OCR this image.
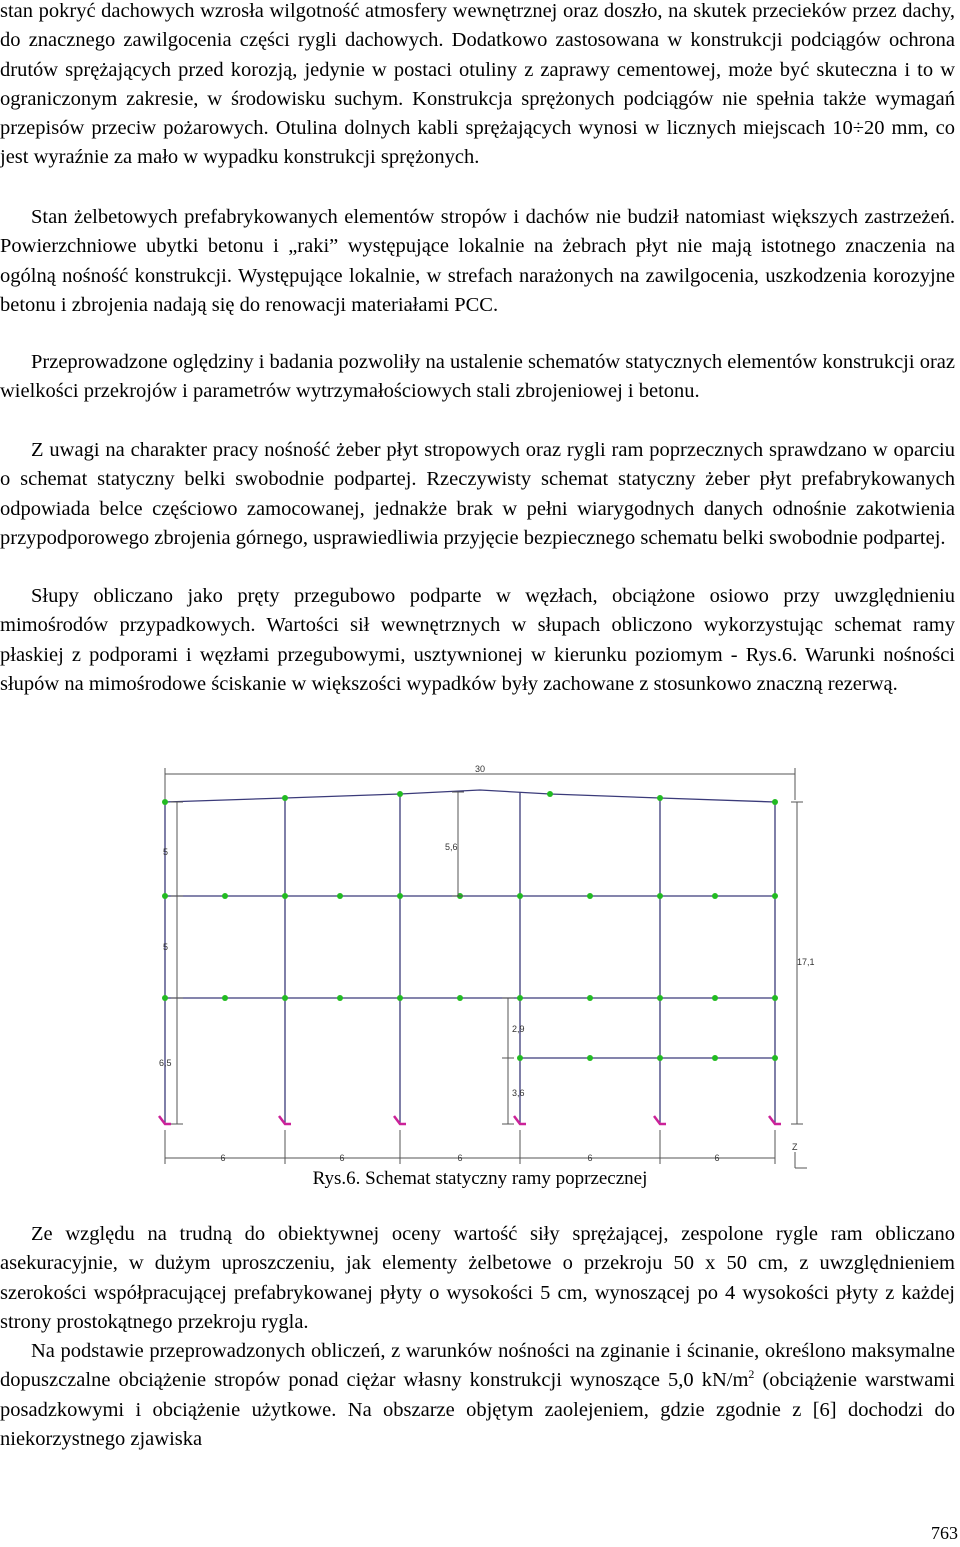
stan pokryć dachowych wzrosła wilgotność atmosfery wewnętrznej oraz doszło, na skutek przecieków przez dachy, do znacznego zawilgocenia części rygli dachowych. Dodatkowo zastosowana w konstrukcji podciągów ochrona drutów sprężających przed korozją, jedynie w postaci otuliny z zaprawy cementowej, może być skuteczna i to w ograniczonym zakresie, w środowisku suchym. Konstrukcja sprężonych podciągów nie spełnia także wymagań przepisów przeciw pożarowych. Otulina dolnych kabli sprężających wynosi w licznych miejscach 10÷20 mm, co jest wyraźnie za mało w wypadku konstrukcji sprężonych.

Stan żelbetowych prefabrykowanych elementów stropów i dachów nie budził natomiast większych zastrzeżeń. Powierzchniowe ubytki betonu i „raki” występujące lokalnie na żebrach płyt nie mają istotnego znaczenia na ogólną nośność konstrukcji. Występujące lokalnie, w strefach narażonych na zawilgocenia, uszkodzenia korozyjne betonu i zbrojenia nadają się do renowacji materiałami PCC.

Przeprowadzone oględziny i badania pozwoliły na ustalenie schematów statycznych elementów konstrukcji oraz wielkości przekrojów i parametrów wytrzymałościowych stali zbrojeniowej i betonu.

Z uwagi na charakter pracy nośność żeber płyt stropowych oraz rygli ram poprzecznych sprawdzano w oparciu o schemat statyczny belki swobodnie podpartej. Rzeczywisty schemat statyczny żeber płyt prefabrykowanych odpowiada belce częściowo zamocowanej, jednakże brak w pełni wiarygodnych danych odnośnie zakotwienia przypodporowego zbrojenia górnego, usprawiedliwia przyjęcie bezpiecznego schematu belki swobodnie podpartej.

Słupy obliczano jako pręty przegubowo podparte w węzłach, obciążone osiowo przy uwzględnieniu mimośrodów przypadkowych. Wartości sił wewnętrznych w słupach obliczono wykorzystując schemat ramy płaskiej z podporami i węzłami przegubowymi, usztywnionej w kierunku poziomym - Rys.6. Warunki nośności słupów na mimośrodowe ściskanie w większości wypadków były zachowane z stosunkowo znaczną rezerwą.

30
5
5
6,5
5,6
2,9
3,6
17,1
6	6	6	6	6
Z
Rys.6. Schemat statyczny ramy poprzecznej

Ze względu na trudną do obiektywnej oceny wartość siły sprężającej, zespolone rygle ram obliczano asekuracyjnie, w dużym uproszczeniu, jak elementy żelbetowe o przekroju 50 x 50 cm, z uwzględnieniem szerokości współpracującej prefabrykowanej płyty o wysokości 5 cm, wynoszącej po 4 wysokości płyty z każdej strony prostokątnego przekroju rygla.

Na podstawie przeprowadzonych obliczeń, z warunków nośności na zginanie i ścinanie, określono maksymalne dopuszczalne obciążenie stropów ponad ciężar własny konstrukcji wynoszące 5,0 $kN/m^2$ (obciążenie warstwami posadzkowymi i obciążenie użytkowe. Na obszarze objętym zaolejeniem, gdzie zgodnie z [6] dochodzi do niekorzystnego zjawiska

763
